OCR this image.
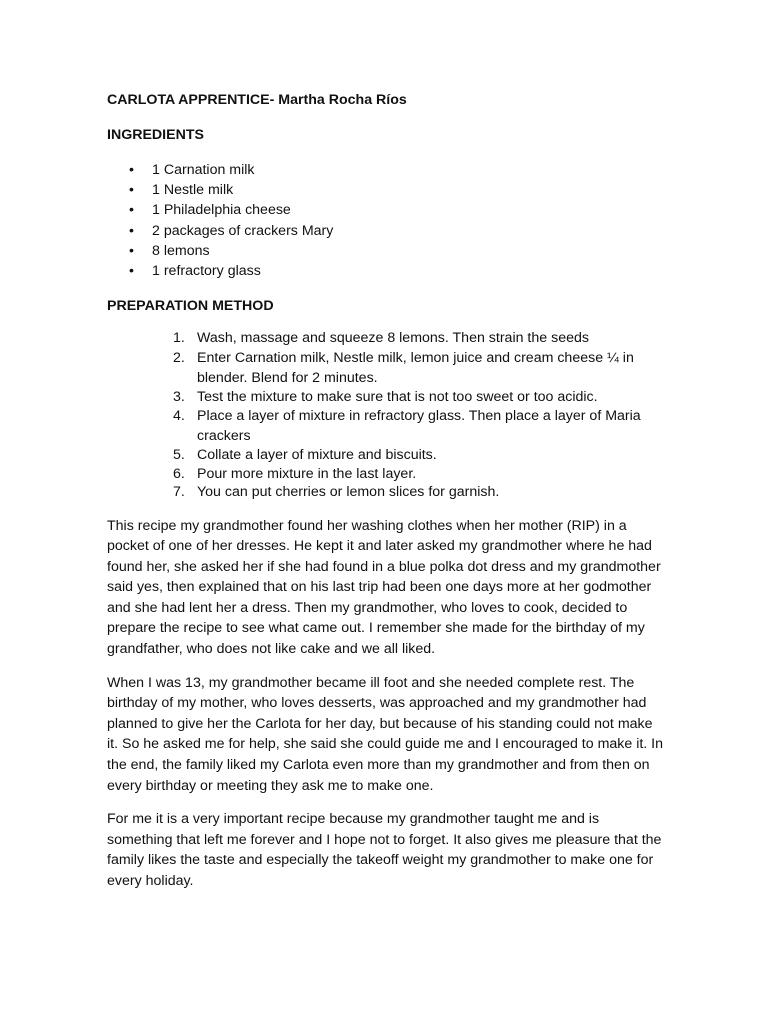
CARLOTA APPRENTICE- Martha Rocha Ríos

INGREDIENTS

• 1 Carnation milk
• 1 Nestle milk
• 1 Philadelphia cheese
• 2 packages of crackers Mary
• 8 lemons
• 1 refractory glass

PREPARATION METHOD

1. Wash, massage and squeeze 8 lemons. Then strain the seeds
2. Enter Carnation milk, Nestle milk, lemon juice and cream cheese ¼ in blender. Blend for 2 minutes.
3. Test the mixture to make sure that is not too sweet or too acidic.
4. Place a layer of mixture in refractory glass. Then place a layer of Maria crackers
5. Collate a layer of mixture and biscuits.
6. Pour more mixture in the last layer.
7. You can put cherries or lemon slices for garnish.

This recipe my grandmother found her washing clothes when her mother (RIP) in a pocket of one of her dresses. He kept it and later asked my grandmother where he had found her, she asked her if she had found in a blue polka dot dress and my grandmother said yes, then explained that on his last trip had been one days more at her godmother and she had lent her a dress. Then my grandmother, who loves to cook, decided to prepare the recipe to see what came out. I remember she made for the birthday of my grandfather, who does not like cake and we all liked.

When I was 13, my grandmother became ill foot and she needed complete rest. The birthday of my mother, who loves desserts, was approached and my grandmother had planned to give her the Carlota for her day, but because of his standing could not make it. So he asked me for help, she said she could guide me and I encouraged to make it. In the end, the family liked my Carlota even more than my grandmother and from then on every birthday or meeting they ask me to make one.

For me it is a very important recipe because my grandmother taught me and is something that left me forever and I hope not to forget. It also gives me pleasure that the family likes the taste and especially the takeoff weight my grandmother to make one for every holiday.
